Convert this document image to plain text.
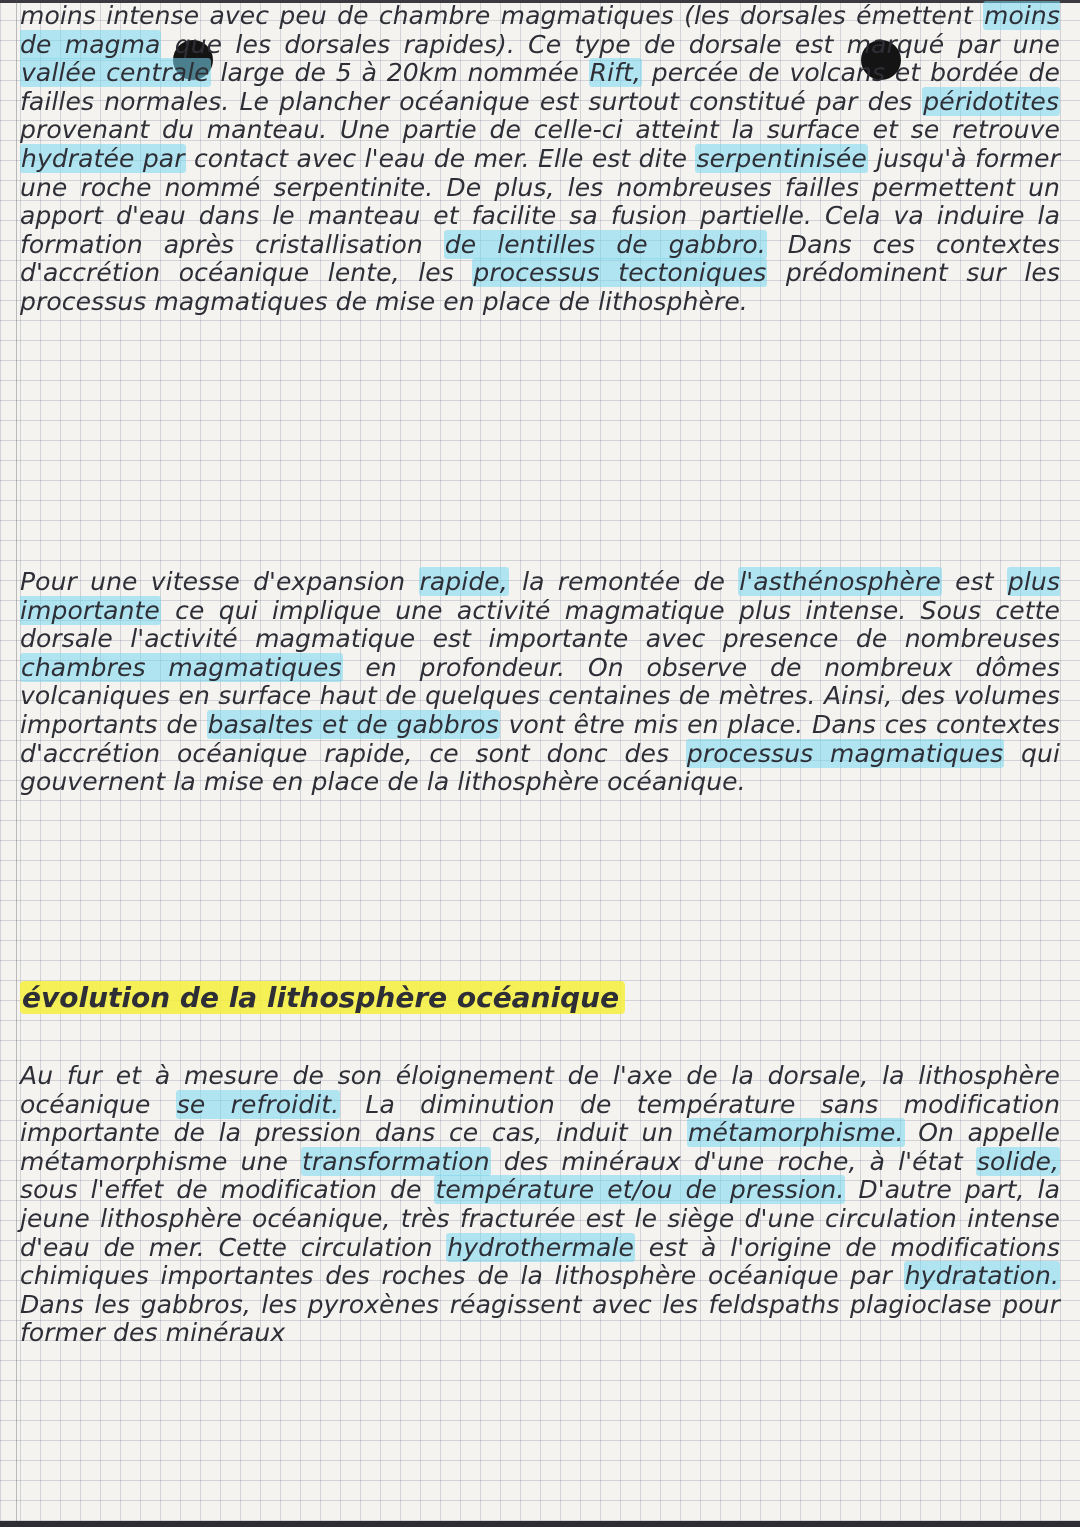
moins intense avec peu de chambre magmatiques (les dorsales émettent moins de magma que les dorsales rapides). Ce type de dorsale est marqué par une vallée centrale large de 5 à 20km nommée Rift, percée de volcans et bordée de failles normales. Le plancher océanique est surtout constitué par des péridotites provenant du manteau. Une partie de celle-ci atteint la surface et se retrouve hydratée par contact avec l'eau de mer. Elle est dite serpentinisée jusqu'à former une roche nommé serpentinite. De plus, les nombreuses failles permettent un apport d'eau dans le manteau et facilite sa fusion partielle. Cela va induire la formation après cristallisation de lentilles de gabbro. Dans ces contextes d'accrétion océanique lente, les processus tectoniques prédominent sur les processus magmatiques de mise en place de lithosphère.

Pour une vitesse d'expansion rapide, la remontée de l'asthénosphère est plus importante ce qui implique une activité magmatique plus intense. Sous cette dorsale l'activité magmatique est importante avec presence de nombreuses chambres magmatiques en profondeur. On observe de nombreux dômes volcaniques en surface haut de quelques centaines de mètres. Ainsi, des volumes importants de basaltes et de gabbros vont être mis en place. Dans ces contextes d'accrétion océanique rapide, ce sont donc des processus magmatiques qui gouvernent la mise en place de la lithosphère océanique.

évolution de la lithosphère océanique

Au fur et à mesure de son éloignement de l'axe de la dorsale, la lithosphère océanique se refroidit. La diminution de température sans modification importante de la pression dans ce cas, induit un métamorphisme. On appelle métamorphisme une transformation des minéraux d'une roche, à l'état solide, sous l'effet de modification de température et/ou de pression. D'autre part, la jeune lithosphère océanique, très fracturée est le siège d'une circulation intense d'eau de mer. Cette circulation hydrothermale est à l'origine de modifications chimiques importantes des roches de la lithosphère océanique par hydratation. Dans les gabbros, les pyroxènes réagissent avec les feldspaths plagioclase pour former des minéraux
